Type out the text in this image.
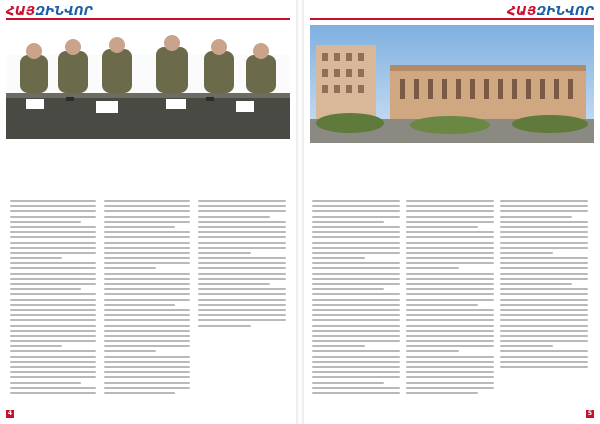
ՀԱՅԶԻՆՎՈՐ
4
ՀԱՅԶԻՆՎՈՐ
5
